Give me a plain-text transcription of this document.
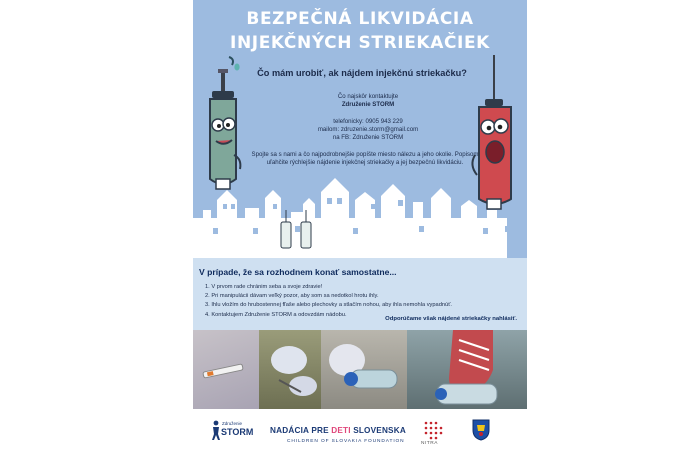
BEZPEČNÁ LIKVIDÁCIA
INJEKČNÝCH STRIEKAČIEK
Čo mám urobiť, ak nájdem injekčnú striekačku?
Čo najskôr kontaktujte
Združenie STORM
telefonicky: 0905 943 229
mailom: zdruzenie.storm@gmail.com
na FB: Združenie STORM
Spojte sa s nami a čo najpodrobnejšie popíšte miesto nálezu a jeho okolie. Popisom uľahčite rýchlejšie nájdenie injekčnej striekačky a jej bezpečnú likvidáciu.
V prípade, že sa rozhodnem konať samostatne...
1. V prvom rade chránim seba a svoje zdravie!
2. Pri manipulácii dávam veľký pozor, aby som sa nedotkol hrotu ihly.
3. Ihlu vložím do hrubostennej fľaše alebo plechovky a stlačím nohou, aby ihla nemohla vypadnúť.
4. Kontaktujem Združenie STORM a odovzdám nádobu.
Odporúčame však nájdené striekačky nahlásiť.
Združenie
STORM NADÁCIA PRE DETI SLOVENSKA
CHILDREN OF SLOVAKIA FOUNDATION	NITRA
